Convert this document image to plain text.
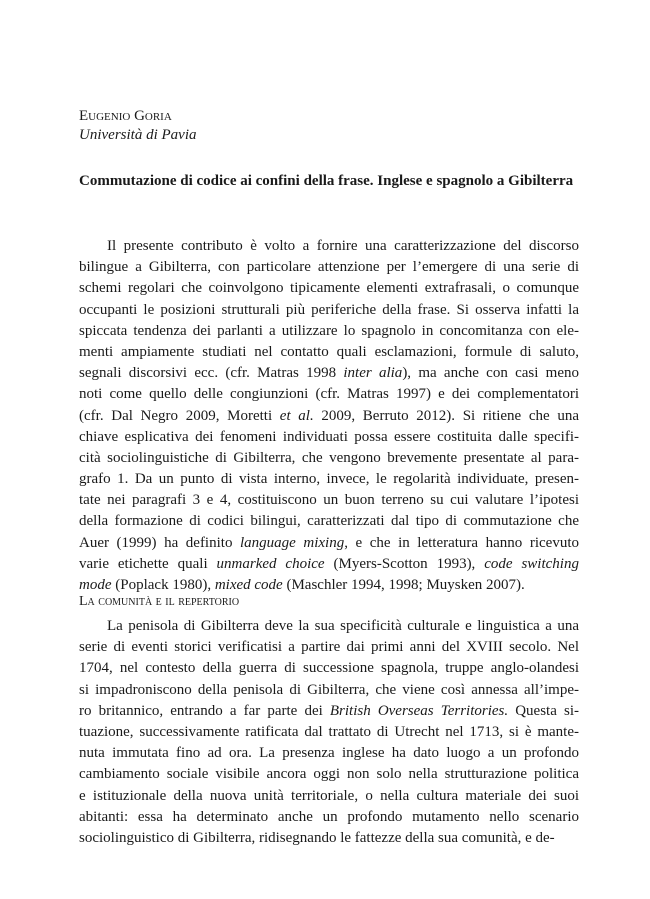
Eugenio Goria
Università di Pavia
Commutazione di codice ai confini della frase. Inglese e spagnolo a Gibilterra
Il presente contributo è volto a fornire una caratterizzazione del discorso
bilingue a Gibilterra, con particolare attenzione per l’emergere di una serie di
schemi regolari che coinvolgono tipicamente elementi extrafrasali, o comunque
occupanti le posizioni strutturali più periferiche della frase. Si osserva infatti la
spiccata tendenza dei parlanti a utilizzare lo spagnolo in concomitanza con ele-
menti ampiamente studiati nel contatto quali esclamazioni, formule di saluto,
segnali discorsivi ecc. (cfr. Matras 1998 inter alia), ma anche con casi meno
noti come quello delle congiunzioni (cfr. Matras 1997) e dei complementatori
(cfr. Dal Negro 2009, Moretti et al. 2009, Berruto 2012). Si ritiene che una
chiave esplicativa dei fenomeni individuati possa essere costituita dalle specifi-
cità sociolinguistiche di Gibilterra, che vengono brevemente presentate al para-
grafo 1. Da un punto di vista interno, invece, le regolarità individuate, presen-
tate nei paragrafi 3 e 4, costituiscono un buon terreno su cui valutare l’ipotesi
della formazione di codici bilingui, caratterizzati dal tipo di commutazione che
Auer (1999) ha definito language mixing, e che in letteratura hanno ricevuto
varie etichette quali unmarked choice (Myers-Scotton 1993), code switching
mode (Poplack 1980), mixed code (Maschler 1994, 1998; Muysken 2007).
La comunità e il repertorio
La penisola di Gibilterra deve la sua specificità culturale e linguistica a una
serie di eventi storici verificatisi a partire dai primi anni del XVIII secolo. Nel
1704, nel contesto della guerra di successione spagnola, truppe anglo-olandesi
si impadroniscono della penisola di Gibilterra, che viene così annessa all’impe-
ro britannico, entrando a far parte dei British Overseas Territories. Questa si-
tuazione, successivamente ratificata dal trattato di Utrecht nel 1713, si è mante-
nuta immutata fino ad ora. La presenza inglese ha dato luogo a un profondo
cambiamento sociale visibile ancora oggi non solo nella strutturazione politica
e istituzionale della nuova unità territoriale, o nella cultura materiale dei suoi
abitanti: essa ha determinato anche un profondo mutamento nello scenario
sociolinguistico di Gibilterra, ridisegnando le fattezze della sua comunità, e de-
